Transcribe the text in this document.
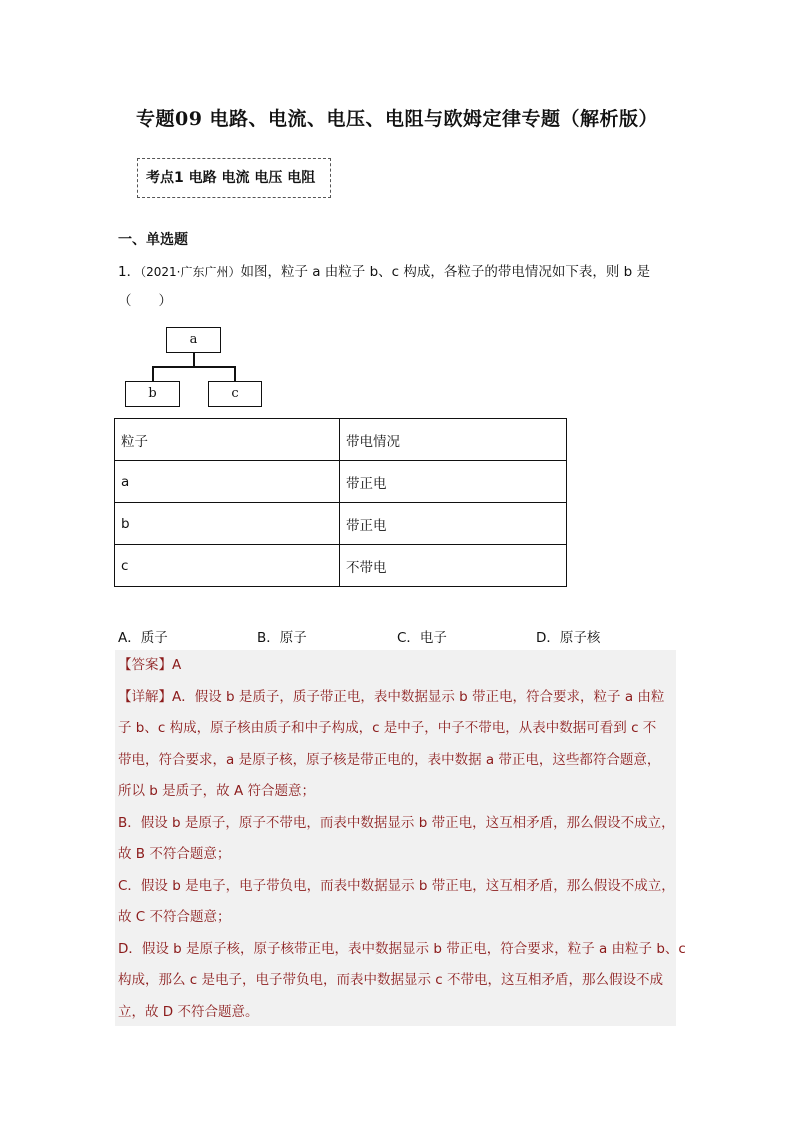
专题09 电路、电流、电压、电阻与欧姆定律专题（解析版）
考点1 电路 电流 电压 电阻
一、单选题
1．（2021·广东广州）如图，粒子 a 由粒子 b、c 构成，各粒子的带电情况如下表，则 b 是
（　　）
a
b	c
粒子	带电情况
a	带正电
b	带正电
c	不带电
A．质子	B．原子	C．电子	D．原子核

【答案】A

【详解】A．假设 b 是质子，质子带正电，表中数据显示 b 带正电，符合要求，粒子 a 由粒

子 b、c 构成，原子核由质子和中子构成，c 是中子，中子不带电，从表中数据可看到 c 不

带电，符合要求，a 是原子核，原子核是带正电的，表中数据 a 带正电，这些都符合题意，

所以 b 是质子，故 A 符合题意；

B．假设 b 是原子，原子不带电，而表中数据显示 b 带正电，这互相矛盾，那么假设不成立，

故 B 不符合题意；

C．假设 b 是电子，电子带负电，而表中数据显示 b 带正电，这互相矛盾，那么假设不成立，

故 C 不符合题意；

D．假设 b 是原子核，原子核带正电，表中数据显示 b 带正电，符合要求，粒子 a 由粒子 b、c

构成，那么 c 是电子，电子带负电，而表中数据显示 c 不带电，这互相矛盾，那么假设不成

立，故 D 不符合题意。
